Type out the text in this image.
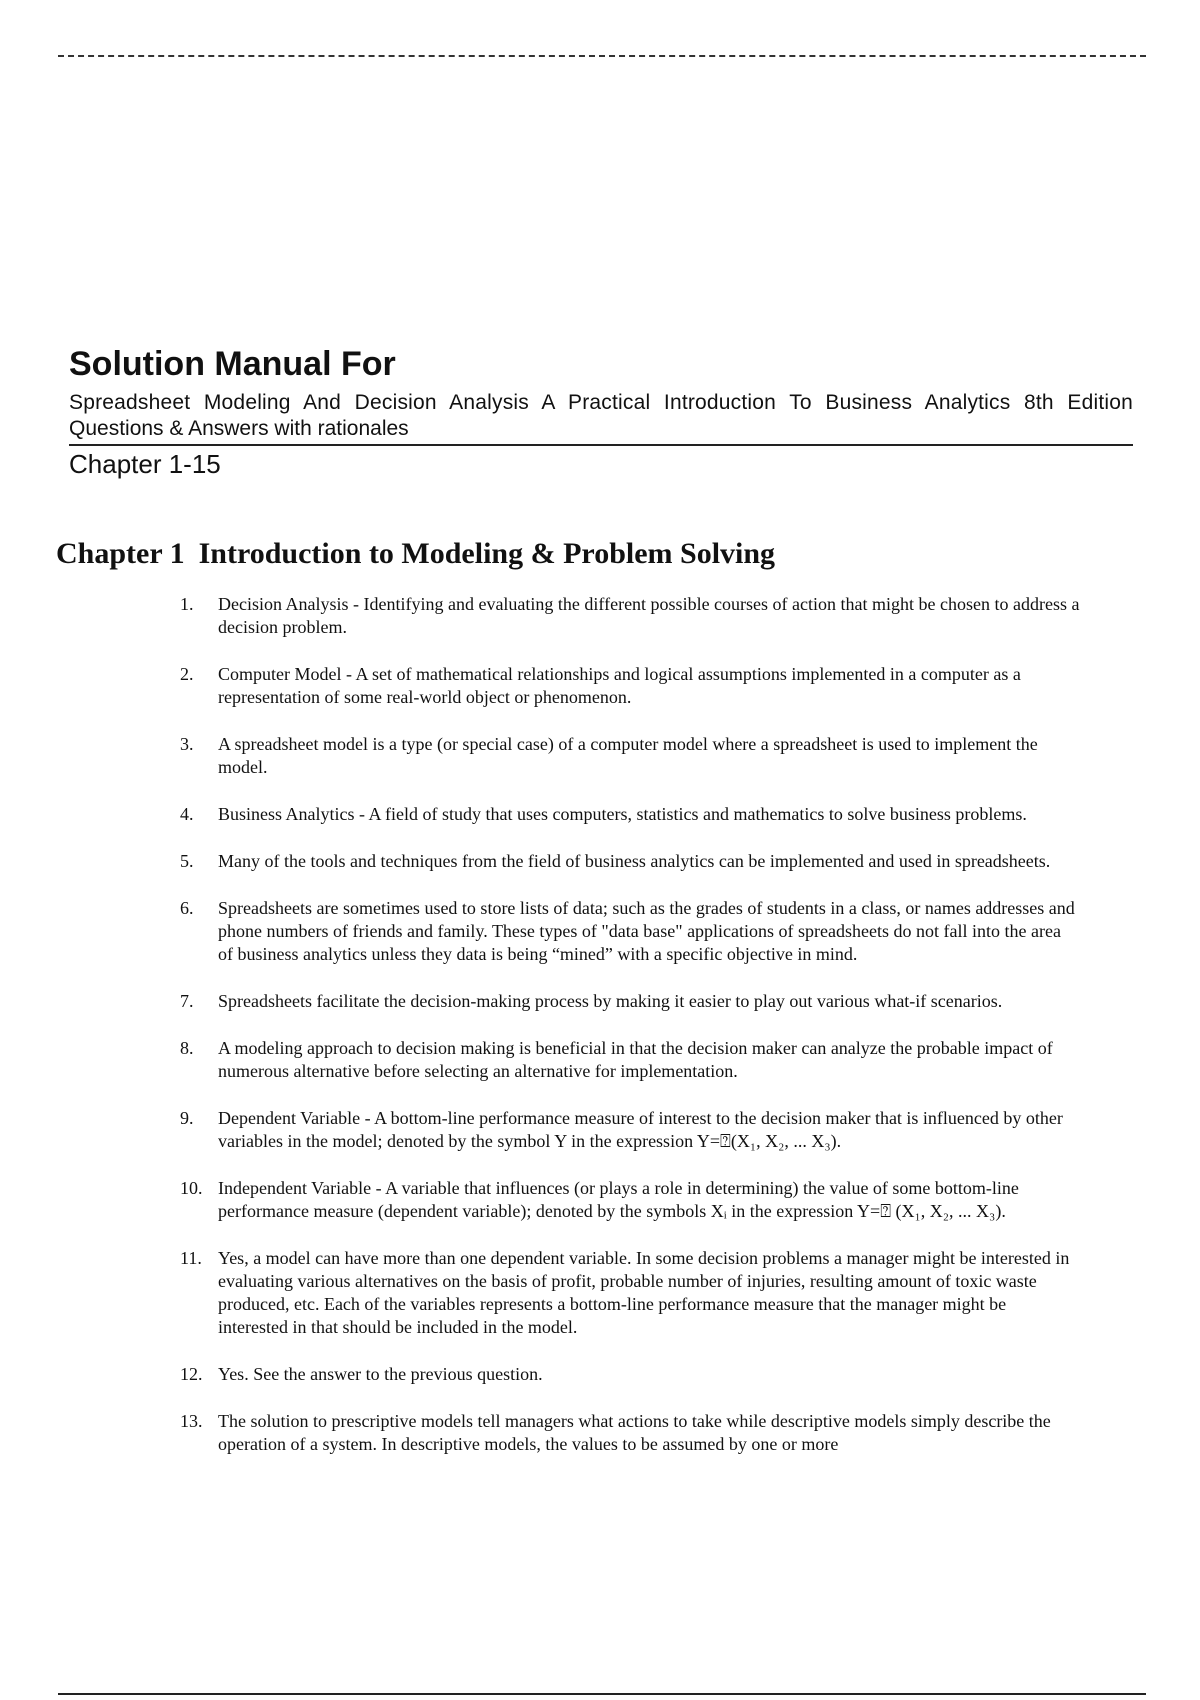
Solution Manual For

Spreadsheet Modeling And Decision Analysis A Practical Introduction To Business Analytics 8th Edition

Questions & Answers with rationales

Chapter 1-15

Chapter 1 Introduction to Modeling & Problem Solving
1.	Decision Analysis - Identifying and evaluating the different possible courses of action that might be chosen to address a decision problem.
2.	Computer Model - A set of mathematical relationships and logical assumptions implemented in a computer as a representation of some real-world object or phenomenon.
3.	A spreadsheet model is a type (or special case) of a computer model where a spreadsheet is used to implement the model.
4.	Business Analytics - A field of study that uses computers, statistics and mathematics to solve business problems.
5.	Many of the tools and techniques from the field of business analytics can be implemented and used in spreadsheets.
6.	Spreadsheets are sometimes used to store lists of data; such as the grades of students in a class, or names addresses and phone numbers of friends and family. These types of "data base" applications of spreadsheets do not fall into the area of business analytics unless they data is being “mined” with a specific objective in mind.
7.	Spreadsheets facilitate the decision-making process by making it easier to play out various what-if scenarios.
8.	A modeling approach to decision making is beneficial in that the decision maker can analyze the probable impact of numerous alternative before selecting an alternative for implementation.
9.	Dependent Variable - A bottom-line performance measure of interest to the decision maker that is influenced by other variables in the model; denoted by the symbol Y in the expression Y=⍰(X₁, X₂, ... X₃).
10. Independent Variable - A variable that influences (or plays a role in determining) the value of some bottom-line performance measure (dependent variable); denoted by the symbols Xᵢ in the expression Y=⍰ (X₁, X₂, ... X₃).
11. Yes, a model can have more than one dependent variable. In some decision problems a manager might be interested in evaluating various alternatives on the basis of profit, probable number of injuries, resulting amount of toxic waste produced, etc. Each of the variables represents a bottom-line performance measure that the manager might be interested in that should be included in the model.
12. Yes. See the answer to the previous question.
13. The solution to prescriptive models tell managers what actions to take while descriptive models simply describe the operation of a system. In descriptive models, the values to be assumed by one or more
